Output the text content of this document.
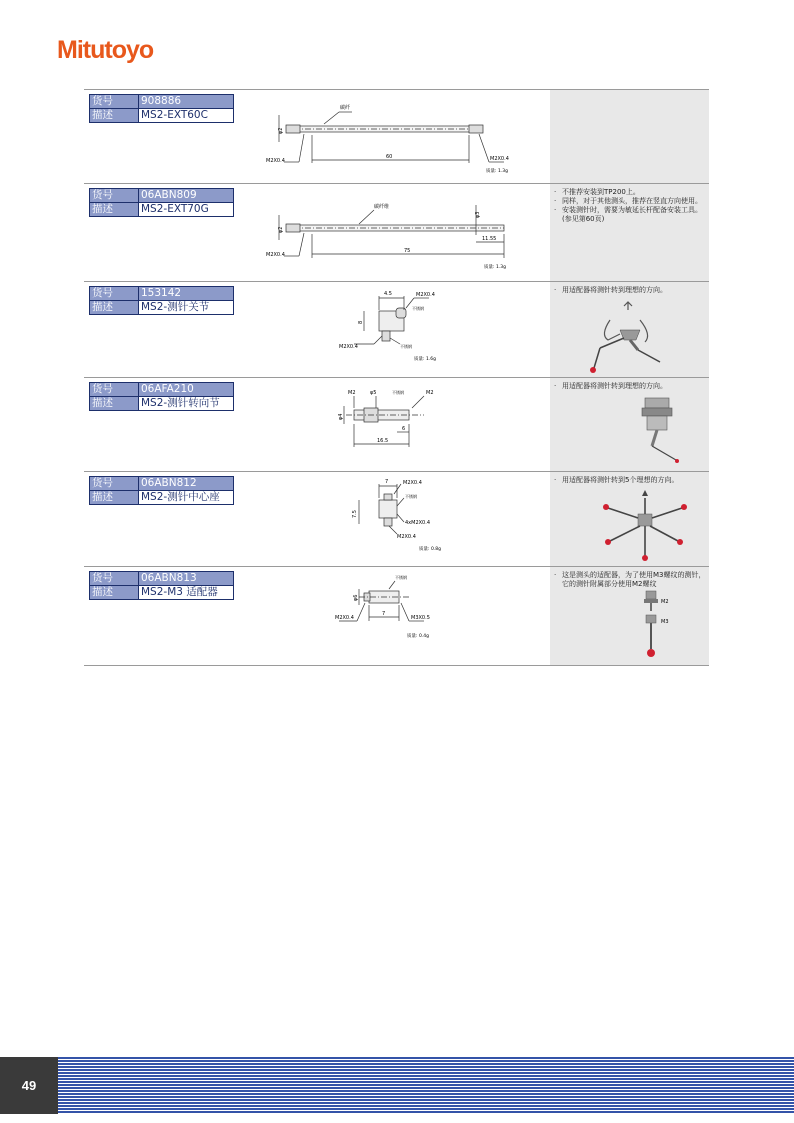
Mitutoyo
货号	908886
描述	MS2-EXT60C
碳纤
M2X0.4	M2X0.4
φ2
60
质量: 1.3g
· 不推荐安装到TP200上。
· 同样，对于其他测头，推荐在竖直方向使用。
· 安装测针时，需要为敏延长杆配备安装工具。(参见第60页)
货号	06ABN809
描述	MS2-EXT70G	碳纤维
M2X0.4
φ2
φ3
75
11.55
质量: 1.3g
· 用适配器将测针转到理想的方向。
货号	153142
描述	MS2-测针关节
4.5	M2X0.4
不锈钢
不锈钢
M2X0.4
8
质量: 1.6g
· 用适配器将测针转到理想的方向。
货号	06AFA210
描述	MS2-测针转向节
M2	φ5	不锈钢	M2
6
16.5
φ4
· 用适配器将测针转到5个理想的方向。
货号	06ABN812
描述	MS2-测针中心座
7	M2X0.4
不锈钢
4xM2X0.4
M2X0.4
7.5
质量: 0.8g
· 这是测头的适配器，为了使用M3螺纹的测针，它的测针附属部分使用M2螺纹
M2
M3
货号	06ABN813
描述	MS2-M3 适配器
不锈钢
M2X0.4
7
M3X0.5
φ6
质量: 0.4g
49
